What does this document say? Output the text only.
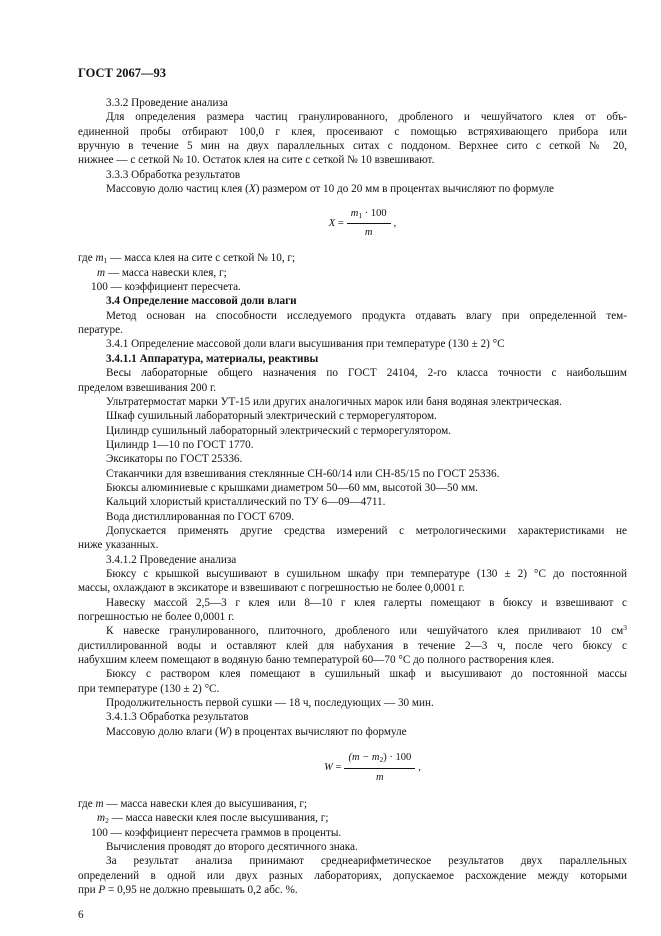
ГОСТ 2067—93
3.3.2 Проведение анализа
Для определения размера частиц гранулированного, дробленого и чешуйчатого клея от объ-
единенной пробы отбирают 100,0 г клея, просеивают с помощью встряхивающего прибора или
вручную в течение 5 мин на двух параллельных ситах с поддоном. Верхнее сито с сеткой № 20,
нижнее — с сеткой № 10. Остаток клея на сите с сеткой № 10 взвешивают.
3.3.3 Обработка результатов
Массовую долю частиц клея (X) размером от 10 до 20 мм в процентах вычисляют по формуле
X
= $\frac{m_1 \cdot 100}{m}$ ,
где $m_1$ — масса клея на сите с сеткой № 10, г;
m — масса навески клея, г;
100 — коэффициент пересчета.
3.4 Определение массовой доли влаги
Метод основан на способности исследуемого продукта отдавать влагу при определенной тем-
пературе.
3.4.1 Определение массовой доли влаги высушивания при температуре (130 ± 2) °С
3.4.1.1 Аппаратура, материалы, реактивы
Весы лабораторные общего назначения по ГОСТ 24104, 2-го класса точности с наибольшим
пределом взвешивания 200 г.
Ультратермостат марки УТ-15 или других аналогичных марок или баня водяная электрическая.
Шкаф сушильный лабораторный электрический с терморегулятором.
Цилиндр сушильный лабораторный электрический с терморегулятором.
Цилиндр 1—10 по ГОСТ 1770.
Эксикаторы по ГОСТ 25336.
Стаканчики для взвешивания стеклянные СН-60/14 или СН-85/15 по ГОСТ 25336.
Бюксы алюминиевые с крышками диаметром 50—60 мм, высотой 30—50 мм.
Кальций хлористый кристаллический по ТУ 6—09—4711.
Вода дистиллированная по ГОСТ 6709.
Допускается применять другие средства измерений с метрологическими характеристиками не
ниже указанных.
3.4.1.2 Проведение анализа
Бюксу с крышкой высушивают в сушильном шкафу при температуре (130 ± 2) °С до постоянной
массы, охлаждают в эксикаторе и взвешивают с погрешностью не более 0,0001 г.
Навеску массой 2,5—3 г клея или 8—10 г клея галерты помещают в бюксу и взвешивают с
погрешностью не более 0,0001 г.
К навеске гранулированного, плиточного, дробленого или чешуйчатого клея приливают 10 $см^3$
дистиллированной воды и оставляют клей для набухания в течение 2—3 ч, после чего бюксу с
набухшим клеем помещают в водяную баню температурой 60—70 °С до полного растворения клея.
Бюксу с раствором клея помещают в сушильный шкаф и высушивают до постоянной массы
при температуре (130 ± 2) °С.
Продолжительность первой сушки — 18 ч, последующих — 30 мин.
3.4.1.3 Обработка результатов
Массовую долю влаги (W) в процентах вычисляют по формуле
W
= $\frac{(m - m_2) \cdot 100}{m}$ ,
где m — масса навески клея до высушивания, г;
$m_2$ — масса навески клея после высушивания, г;
100 — коэффициент пересчета граммов в проценты.
Вычисления проводят до второго десятичного знака.
За результат анализа принимают среднеарифметическое результатов двух параллельных
определений в одной или двух разных лабораториях, допускаемое расхождение между которыми
при P = 0,95 не должно превышать 0,2 абс. %.
6
